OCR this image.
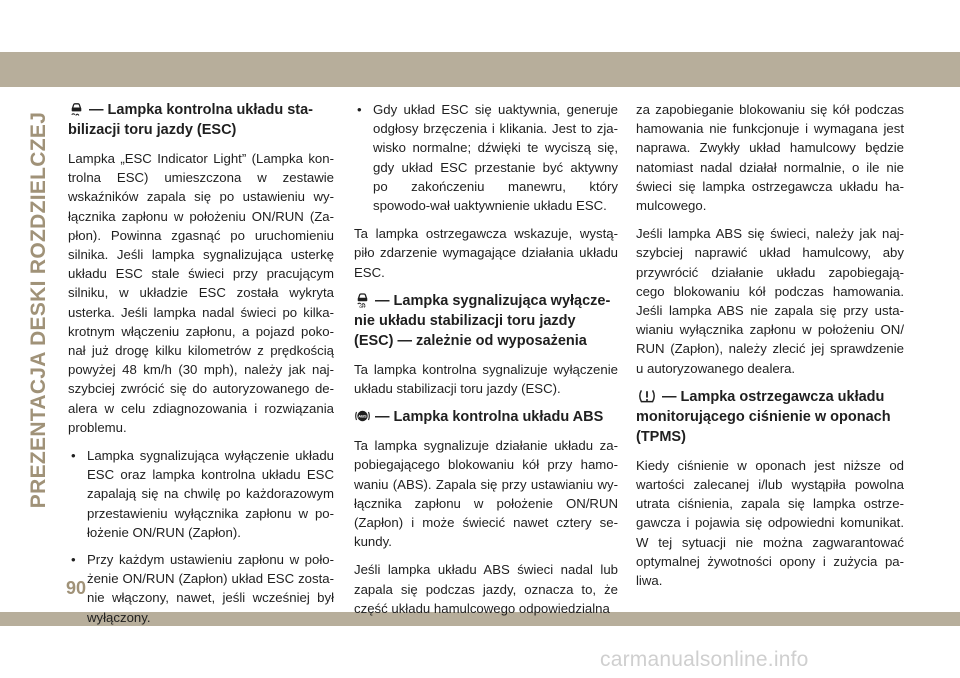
PREZENTACJA DESKI ROZDZIELCZEJ
90
— Lampka kontrolna układu sta-bilizacji toru jazdy (ESC)

Lampka „ESC Indicator Light” (Lampka kon-trolna ESC) umieszczona w zestawie wskaźników zapala się po ustawieniu wy-łącznika zapłonu w położeniu ON/RUN (Za-płon). Powinna zgasnąć po uruchomieniu silnika. Jeśli lampka sygnalizująca usterkę układu ESC stale świeci przy pracującym silniku, w układzie ESC została wykryta usterka. Jeśli lampka nadal świeci po kilka-krotnym włączeniu zapłonu, a pojazd poko-nał już drogę kilku kilometrów z prędkością powyżej 48 km/h (30 mph), należy jak naj-szybciej zwrócić się do autoryzowanego de-alera w celu zdiagnozowania i rozwiązania problemu.

• Lampka sygnalizująca wyłączenie układu ESC oraz lampka kontrolna układu ESC zapalają się na chwilę po każdorazowym przestawieniu wyłącznika zapłonu w po-łożenie ON/RUN (Zapłon).
• Przy każdym ustawieniu zapłonu w poło-żenie ON/RUN (Zapłon) układ ESC zosta-nie włączony, nawet, jeśli wcześniej był wyłączony.
• Gdy układ ESC się uaktywnia, generuje odgłosy brzęczenia i klikania. Jest to zja-wisko normalne; dźwięki te wyciszą się, gdy układ ESC przestanie być aktywny po zakończeniu manewru, który spowodo-wał uaktywnienie układu ESC.

Ta lampka ostrzegawcza wskazuje, wystą-piło zdarzenie wymagające działania układu ESC.

OFF — Lampka sygnalizująca wyłącze-nie układu stabilizacji toru jazdy (ESC) — zależnie od wyposażenia

Ta lampka kontrolna sygnalizuje wyłączenie układu stabilizacji toru jazdy (ESC).

ABS — Lampka kontrolna układu ABS

Ta lampka sygnalizuje działanie układu za-pobiegającego blokowaniu kół przy hamo-waniu (ABS). Zapala się przy ustawianiu wy-łącznika zapłonu w położenie ON/RUN (Zapłon) i może świecić nawet cztery se-kundy.

Jeśli lampka układu ABS świeci nadal lub zapala się podczas jazdy, oznacza to, że część układu hamulcowego odpowiedzialna

za zapobieganie blokowaniu się kół podczas hamowania nie funkcjonuje i wymagana jest naprawa. Zwykły układ hamulcowy będzie natomiast nadal działał normalnie, o ile nie świeci się lampka ostrzegawcza układu ha-mulcowego.

Jeśli lampka ABS się świeci, należy jak naj-szybciej naprawić układ hamulcowy, aby przywrócić działanie układu zapobiegają-cego blokowaniu kół podczas hamowania. Jeśli lampka ABS nie zapala się przy usta-wianiu wyłącznika zapłonu w położeniu ON/ RUN (Zapłon), należy zlecić jej sprawdzenie u autoryzowanego dealera.

— Lampka ostrzegawcza układu monitorującego ciśnienie w oponach (TPMS)

Kiedy ciśnienie w oponach jest niższe od wartości zalecanej i/lub wystąpiła powolna utrata ciśnienia, zapala się lampka ostrze-gawcza i pojawia się odpowiedni komunikat. W tej sytuacji nie można zagwarantować optymalnej żywotności opony i zużycia pa-liwa.

carmanualsonline.info
